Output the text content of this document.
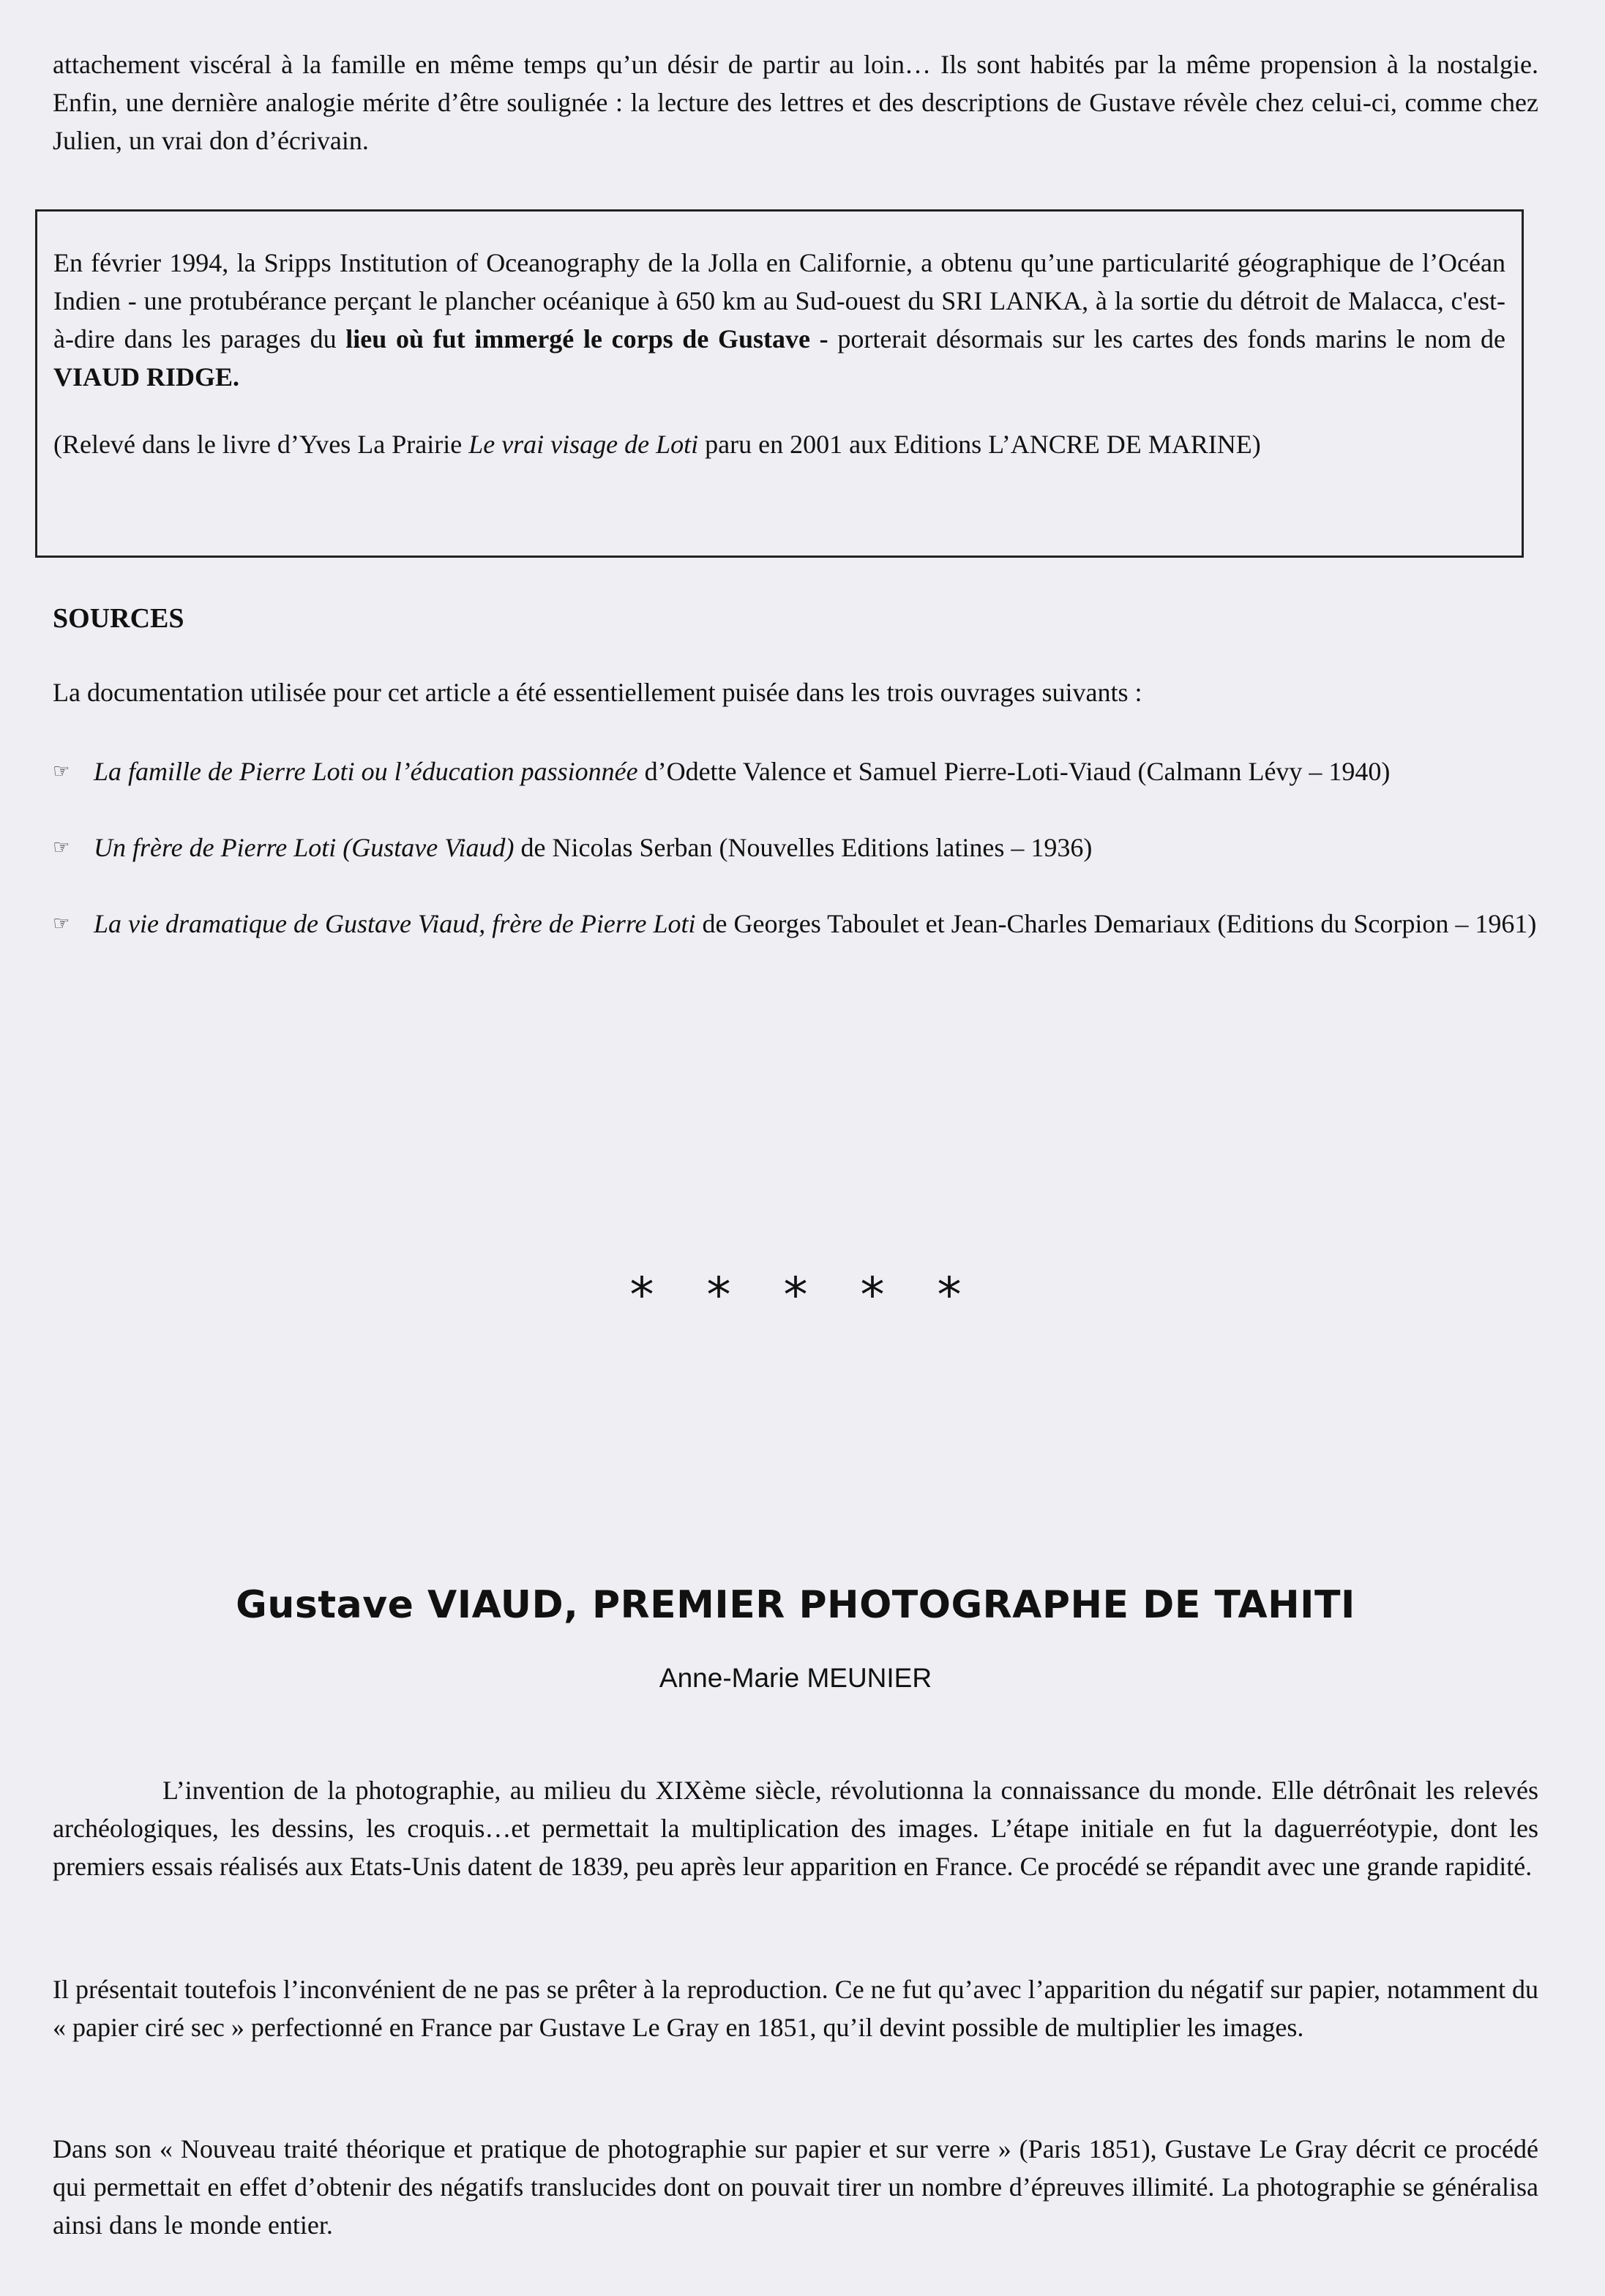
attachement viscéral à la famille en même temps qu’un désir de partir au loin… Ils sont habités par la même propension à la nostalgie. Enfin, une dernière analogie mérite d’être soulignée : la lecture des lettres et des descriptions de Gustave révèle chez celui-ci, comme chez Julien, un vrai don d’écrivain.

En février 1994, la Sripps Institution of Oceanography de la Jolla en Californie, a obtenu qu’une particularité géographique de l’Océan Indien - une protubérance perçant le plancher océanique à 650 km au Sud-ouest du SRI LANKA, à la sortie du détroit de Malacca, c'est-à-dire dans les parages du lieu où fut immergé le corps de Gustave - porterait désormais sur les cartes des fonds marins le nom de VIAUD RIDGE.

(Relevé dans le livre d’Yves La Prairie Le vrai visage de Loti paru en 2001 aux Editions L’ANCRE DE MARINE)

SOURCES

La documentation utilisée pour cet article a été essentiellement puisée dans les trois ouvrages suivants :

☞ La famille de Pierre Loti ou l’éducation passionnée d’Odette Valence et Samuel Pierre-Loti-Viaud (Calmann Lévy – 1940)
☞ Un frère de Pierre Loti (Gustave Viaud) de Nicolas Serban (Nouvelles Editions latines – 1936)
☞ La vie dramatique de Gustave Viaud, frère de Pierre Loti de Georges Taboulet et Jean-Charles Demariaux (Editions du Scorpion – 1961)
* * * * *
Gustave VIAUD, PREMIER PHOTOGRAPHE DE TAHITI
Anne-Marie MEUNIER

L’invention de la photographie, au milieu du XIXème siècle, révolutionna la connaissance du monde. Elle détrônait les relevés archéologiques, les dessins, les croquis…et permettait la multiplication des images. L’étape initiale en fut la daguerréotypie, dont les premiers essais réalisés aux Etats-Unis datent de 1839, peu après leur apparition en France. Ce procédé se répandit avec une grande rapidité.

Il présentait toutefois l’inconvénient de ne pas se prêter à la reproduction. Ce ne fut qu’avec l’apparition du négatif sur papier, notamment du « papier ciré sec » perfectionné en France par Gustave Le Gray en 1851, qu’il devint possible de multiplier les images.

Dans son « Nouveau traité théorique et pratique de photographie sur papier et sur verre » (Paris 1851), Gustave Le Gray décrit ce procédé qui permettait en effet d’obtenir des négatifs translucides dont on pouvait tirer un nombre d’épreuves illimité. La photographie se généralisa ainsi dans le monde entier.
